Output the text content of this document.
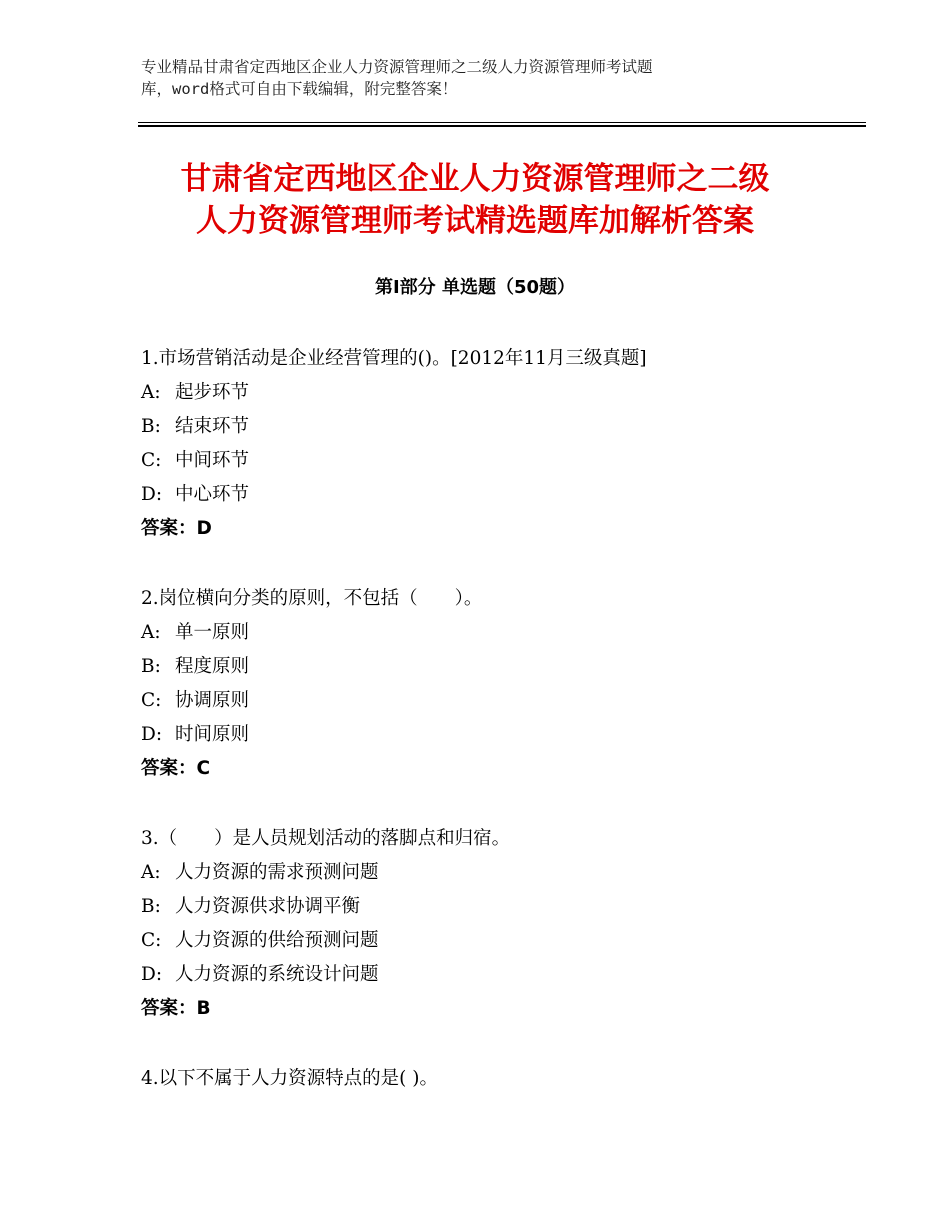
专业精品甘肃省定西地区企业人力资源管理师之二级人力资源管理师考试题
库，word格式可自由下载编辑，附完整答案！
甘肃省定西地区企业人力资源管理师之二级
人力资源管理师考试精选题库加解析答案
第Ⅰ部分 单选题（50题）
1.市场营销活动是企业经营管理的()。[2012年11月三级真题]
A: 起步环节
B: 结束环节
C: 中间环节
D: 中心环节
答案：D
2.岗位横向分类的原则，不包括（　　）。
A: 单一原则
B: 程度原则
C: 协调原则
D: 时间原则
答案：C
3.（　　）是人员规划活动的落脚点和归宿。
A: 人力资源的需求预测问题
B: 人力资源供求协调平衡
C: 人力资源的供给预测问题
D: 人力资源的系统设计问题
答案：B
4.以下不属于人力资源特点的是( )。
